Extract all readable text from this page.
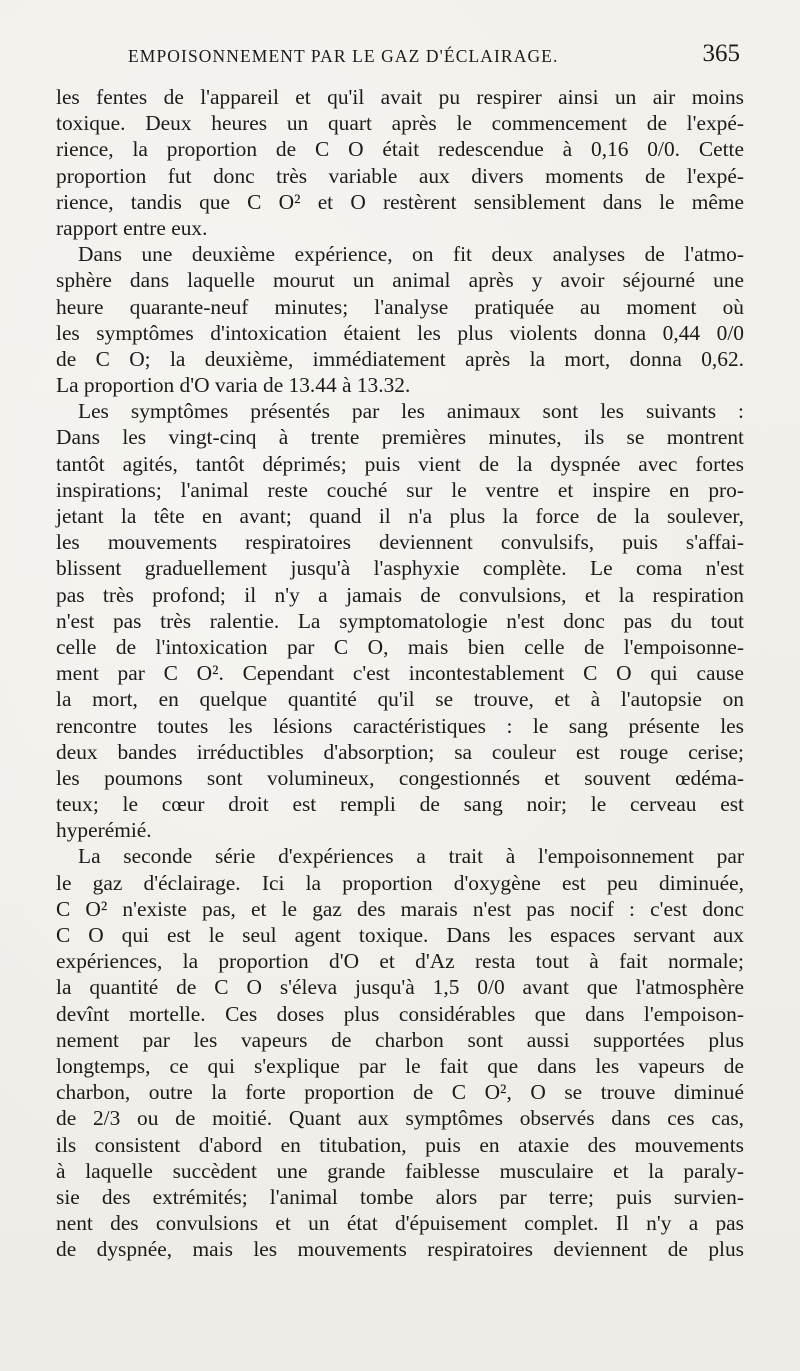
EMPOISONNEMENT PAR LE GAZ D'ÉCLAIRAGE.	365
les fentes de l'appareil et qu'il avait pu respirer ainsi un air moins
toxique. Deux heures un quart après le commencement de l'expé-
rience, la proportion de C O était redescendue à 0,16 0/0. Cette
proportion fut donc très variable aux divers moments de l'expé-
rience, tandis que C O² et O restèrent sensiblement dans le même
rapport entre eux.
Dans une deuxième expérience, on fit deux analyses de l'atmo-
sphère dans laquelle mourut un animal après y avoir séjourné une
heure quarante-neuf minutes; l'analyse pratiquée au moment où
les symptômes d'intoxication étaient les plus violents donna 0,44 0/0
de C O; la deuxième, immédiatement après la mort, donna 0,62.
La proportion d'O varia de 13.44 à 13.32.
Les symptômes présentés par les animaux sont les suivants :
Dans les vingt-cinq à trente premières minutes, ils se montrent
tantôt agités, tantôt déprimés; puis vient de la dyspnée avec fortes
inspirations; l'animal reste couché sur le ventre et inspire en pro-
jetant la tête en avant; quand il n'a plus la force de la soulever,
les mouvements respiratoires deviennent convulsifs, puis s'affai-
blissent graduellement jusqu'à l'asphyxie complète. Le coma n'est
pas très profond; il n'y a jamais de convulsions, et la respiration
n'est pas très ralentie. La symptomatologie n'est donc pas du tout
celle de l'intoxication par C O, mais bien celle de l'empoisonne-
ment par C O². Cependant c'est incontestablement C O qui cause
la mort, en quelque quantité qu'il se trouve, et à l'autopsie on
rencontre toutes les lésions caractéristiques : le sang présente les
deux bandes irréductibles d'absorption; sa couleur est rouge cerise;
les poumons sont volumineux, congestionnés et souvent œdéma-
teux; le cœur droit est rempli de sang noir; le cerveau est
hyperémié.
La seconde série d'expériences a trait à l'empoisonnement par
le gaz d'éclairage. Ici la proportion d'oxygène est peu diminuée,
C O² n'existe pas, et le gaz des marais n'est pas nocif : c'est donc
C O qui est le seul agent toxique. Dans les espaces servant aux
expériences, la proportion d'O et d'Az resta tout à fait normale;
la quantité de C O s'éleva jusqu'à 1,5 0/0 avant que l'atmosphère
devînt mortelle. Ces doses plus considérables que dans l'empoison-
nement par les vapeurs de charbon sont aussi supportées plus
longtemps, ce qui s'explique par le fait que dans les vapeurs de
charbon, outre la forte proportion de C O², O se trouve diminué
de 2/3 ou de moitié. Quant aux symptômes observés dans ces cas,
ils consistent d'abord en titubation, puis en ataxie des mouvements
à laquelle succèdent une grande faiblesse musculaire et la paraly-
sie des extrémités; l'animal tombe alors par terre; puis survien-
nent des convulsions et un état d'épuisement complet. Il n'y a pas
de dyspnée, mais les mouvements respiratoires deviennent de plus
